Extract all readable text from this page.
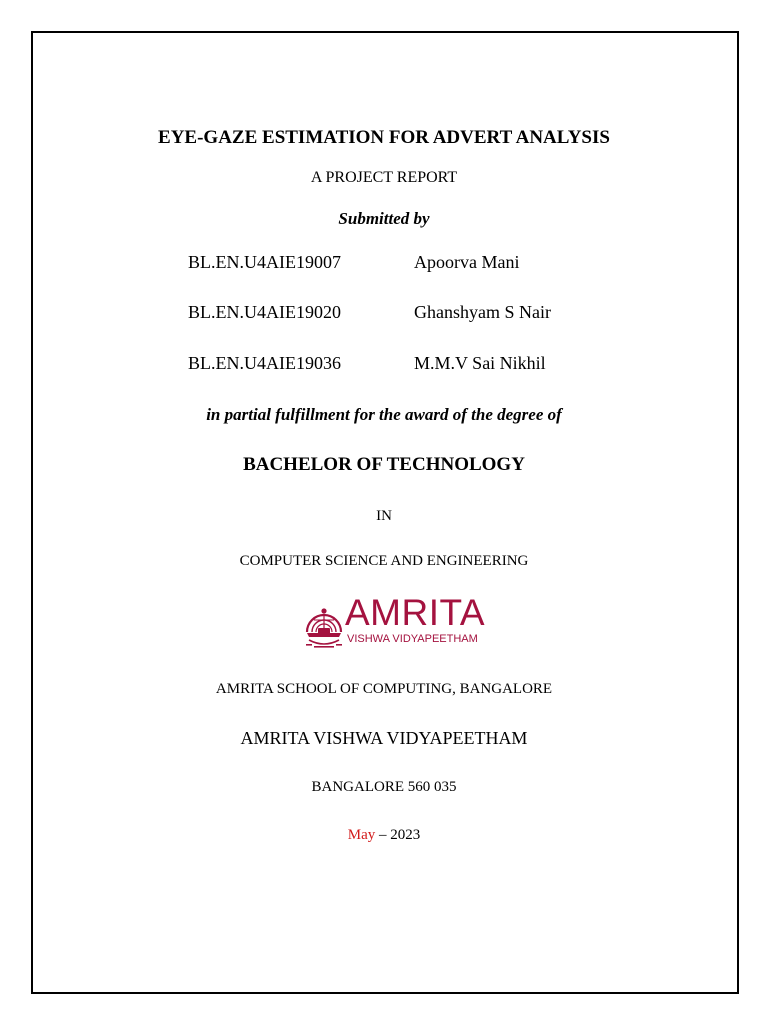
EYE-GAZE ESTIMATION FOR ADVERT ANALYSIS
A PROJECT REPORT
Submitted by
BL.EN.U4AIE19007	Apoorva Mani
BL.EN.U4AIE19020	Ghanshyam S Nair
BL.EN.U4AIE19036	M.M.V Sai Nikhil
in partial fulfillment for the award of the degree of
BACHELOR OF TECHNOLOGY
IN
COMPUTER SCIENCE AND ENGINEERING
AMRITA
VISHWA VIDYAPEETHAM
AMRITA SCHOOL OF COMPUTING, BANGALORE
AMRITA VISHWA VIDYAPEETHAM
BANGALORE 560 035
May – 2023
